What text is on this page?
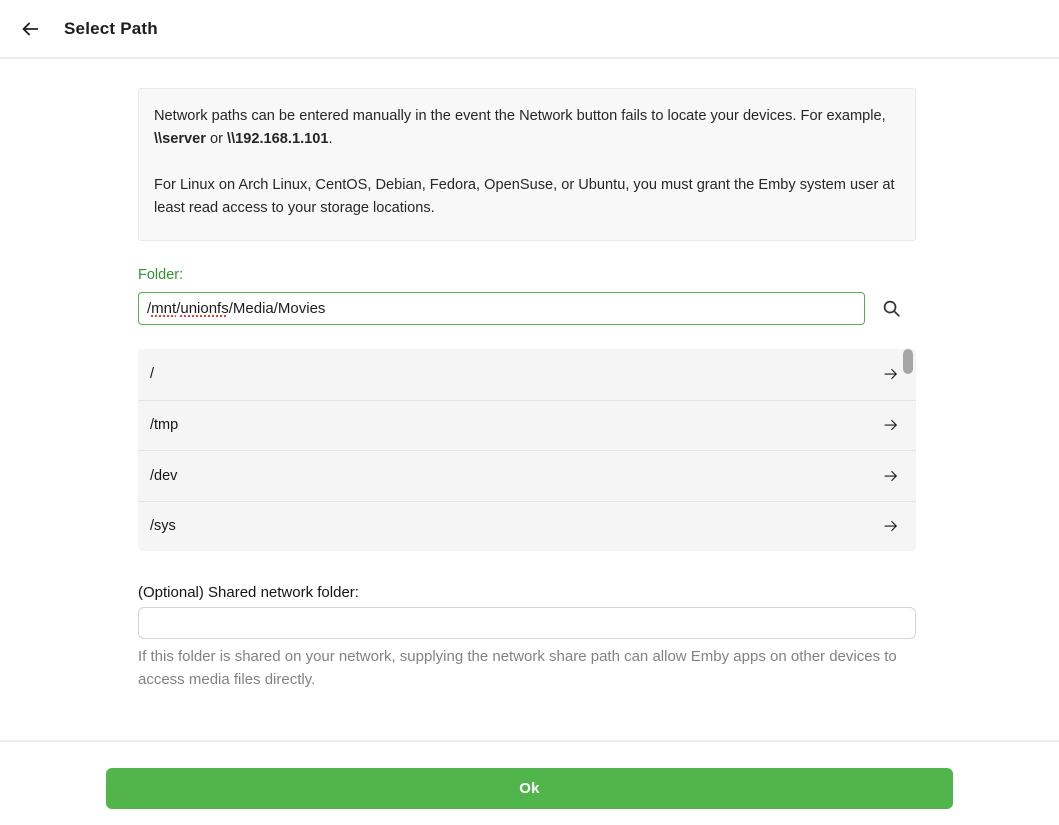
Select Path

Network paths can be entered manually in the event the Network button fails to locate your devices. For example, \\server or \\192.168.1.101.

For Linux on Arch Linux, CentOS, Debian, Fedora, OpenSuse, or Ubuntu, you must grant the Emby system user at least read access to your storage locations.

Folder:
/mnt/unionfs/Media/Movies
/
/tmp
/dev
/sys
(Optional) Shared network folder:
If this folder is shared on your network, supplying the network share path can allow Emby apps on other devices to access media files directly.
Ok
